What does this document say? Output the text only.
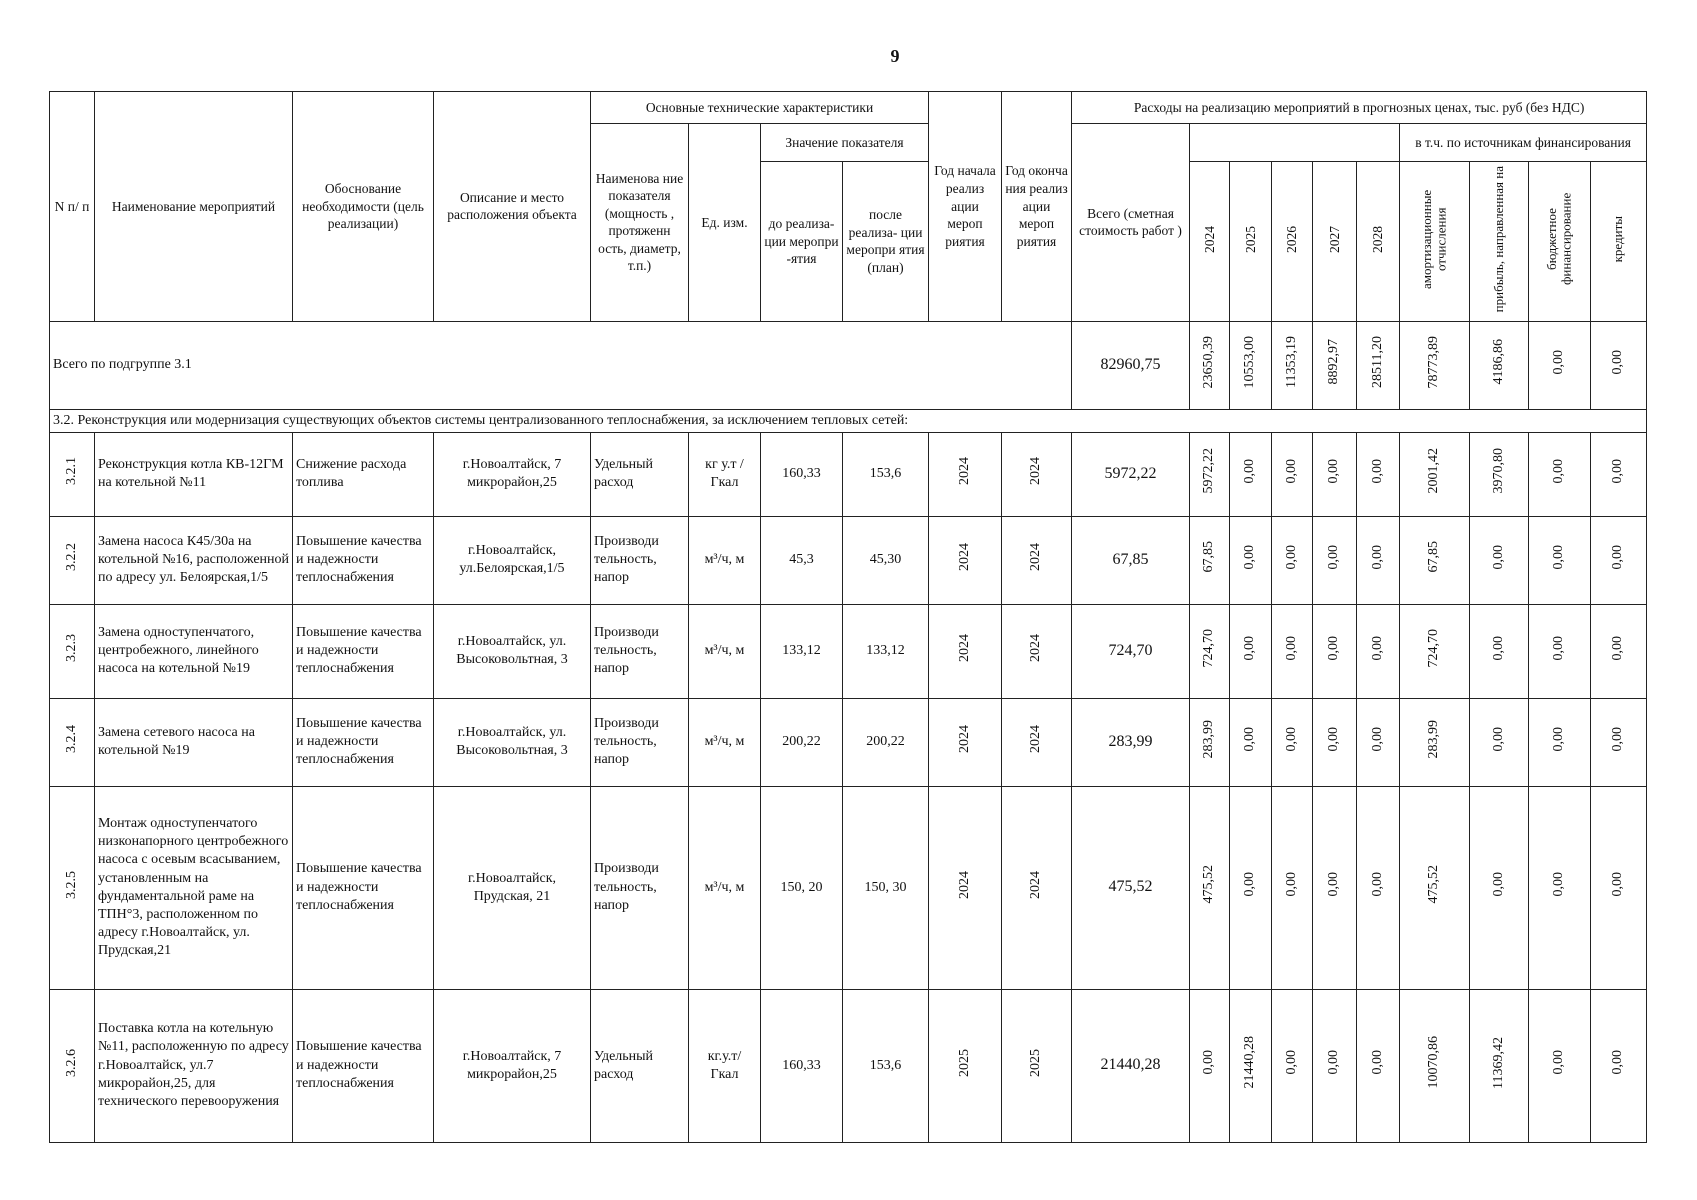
9
N п/ п	Наименование мероприятий	Обоснование необходимости (цель реализации)	Описание и место расположения объекта	Основные технические характеристики				Год начала реализ ации мероп риятия	Год оконча ния реализ ации мероп риятия	Расходы на реализацию мероприятий в прогнозных ценах, тыс. руб (без НДС)									
				Наименова ние показателя (мощность , протяженн ость, диаметр, т.п.)	Ед. изм.	Значение показателя				Всего (сметная стоимость работ )						в т.ч. по источникам финансирования			
						до реализа- ции меропри -ятия	после реализа- ции меропри ятия (план)				2024	2025	2026	2027	2028	амортизационные отчисления	прибыль, направленная на	бюджетное финансирование	кредиты
Всего по подгруппе 3.1										82960,75	23650,39	10553,00	11353,19	8892,97	28511,20	78773,89	4186,86	0,00	0,00
3.2. Реконструкция или модернизация существующих объектов системы централизованного теплоснабжения, за исключением тепловых сетей:																			
3.2.1	Реконструкция котла КВ-12ГМ на котельной №11	Снижение расхода топлива	г.Новоалтайск, 7 микрорайон,25	Удельный расход	кг у.т /Гкал	160,33	153,6	2024	2024	5972,22	5972,22	0,00	0,00	0,00	0,00	2001,42	3970,80	0,00	0,00
3.2.2	Замена насоса К45/30а на котельной №16, расположенной по адресу ул. Белоярская,1/5	Повышение качества и надежности теплоснабжения	г.Новоалтайск, ул.Белоярская,1/5	Производи тельность, напор	м³/ч, м	45,3	45,30	2024	2024	67,85	67,85	0,00	0,00	0,00	0,00	67,85	0,00	0,00	0,00
3.2.3	Замена одноступенчатого, центробежного, линейного насоса на котельной №19	Повышение качества и надежности теплоснабжения	г.Новоалтайск, ул. Высоковольтная, 3	Производи тельность, напор	м³/ч, м	133,12	133,12	2024	2024	724,70	724,70	0,00	0,00	0,00	0,00	724,70	0,00	0,00	0,00
3.2.4	Замена сетевого насоса на котельной №19	Повышение качества и надежности теплоснабжения	г.Новоалтайск, ул. Высоковольтная, 3	Производи тельность, напор	м³/ч, м	200,22	200,22	2024	2024	283,99	283,99	0,00	0,00	0,00	0,00	283,99	0,00	0,00	0,00
3.2.5	Монтаж одноступенчатого низконапорного центробежного насоса с осевым всасыванием, установленным на фундаментальной раме на ТПН°3, расположенном по адресу г.Новоалтайск, ул. Прудская,21	Повышение качества и надежности теплоснабжения	г.Новоалтайск, Прудская, 21	Производи тельность, напор	м³/ч, м	150, 20	150, 30	2024	2024	475,52	475,52	0,00	0,00	0,00	0,00	475,52	0,00	0,00	0,00
3.2.6	Поставка котла на котельную №11, расположенную по адресу г.Новоалтайск, ул.7 микрорайон,25, для технического перевооружения	Повышение качества и надежности теплоснабжения	г.Новоалтайск, 7 микрорайон,25	Удельный расход	кг.у.т/ Гкал	160,33	153,6	2025	2025	21440,28	0,00	21440,28	0,00	0,00	0,00	10070,86	11369,42	0,00	0,00
